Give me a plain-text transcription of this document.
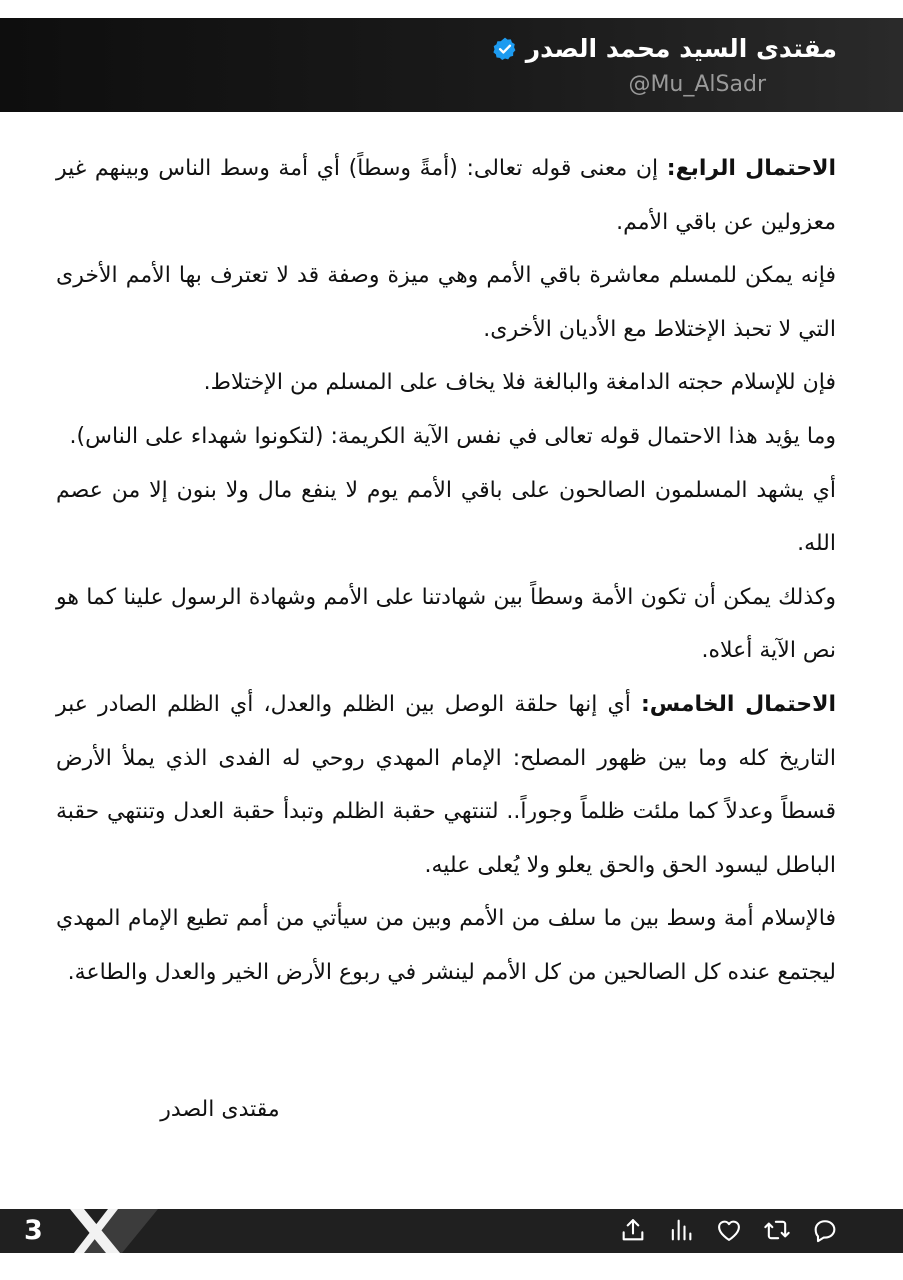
مقتدى السيد محمد الصدر
@Mu_AlSadr

الاحتمال الرابع: إن معنى قوله تعالى: (أمةً وسطاً) أي أمة وسط الناس وبينهم غير معزولين عن باقي الأمم.

فإنه يمكن للمسلم معاشرة باقي الأمم وهي ميزة وصفة قد لا تعترف بها الأمم الأخرى التي لا تحبذ الإختلاط مع الأديان الأخرى.

فإن للإسلام حجته الدامغة والبالغة فلا يخاف على المسلم من الإختلاط.

وما يؤيد هذا الاحتمال قوله تعالى في نفس الآية الكريمة: (لتكونوا شهداء على الناس).

أي يشهد المسلمون الصالحون على باقي الأمم يوم لا ينفع مال ولا بنون إلا من عصم الله.

وكذلك يمكن أن تكون الأمة وسطاً بين شهادتنا على الأمم وشهادة الرسول علينا كما هو نص الآية أعلاه.

الاحتمال الخامس: أي إنها حلقة الوصل بين الظلم والعدل، أي الظلم الصادر عبر التاريخ كله وما بين ظهور المصلح: الإمام المهدي روحي له الفدى الذي يملأ الأرض قسطاً وعدلاً كما ملئت ظلماً وجوراً.. لتنتهي حقبة الظلم وتبدأ حقبة العدل وتنتهي حقبة الباطل ليسود الحق والحق يعلو ولا يُعلى عليه.

فالإسلام أمة وسط بين ما سلف من الأمم وبين من سيأتي من أمم تطيع الإمام المهدي ليجتمع عنده كل الصالحين من كل الأمم لينشر في ربوع الأرض الخير والعدل والطاعة.

مقتدى الصدر
3
